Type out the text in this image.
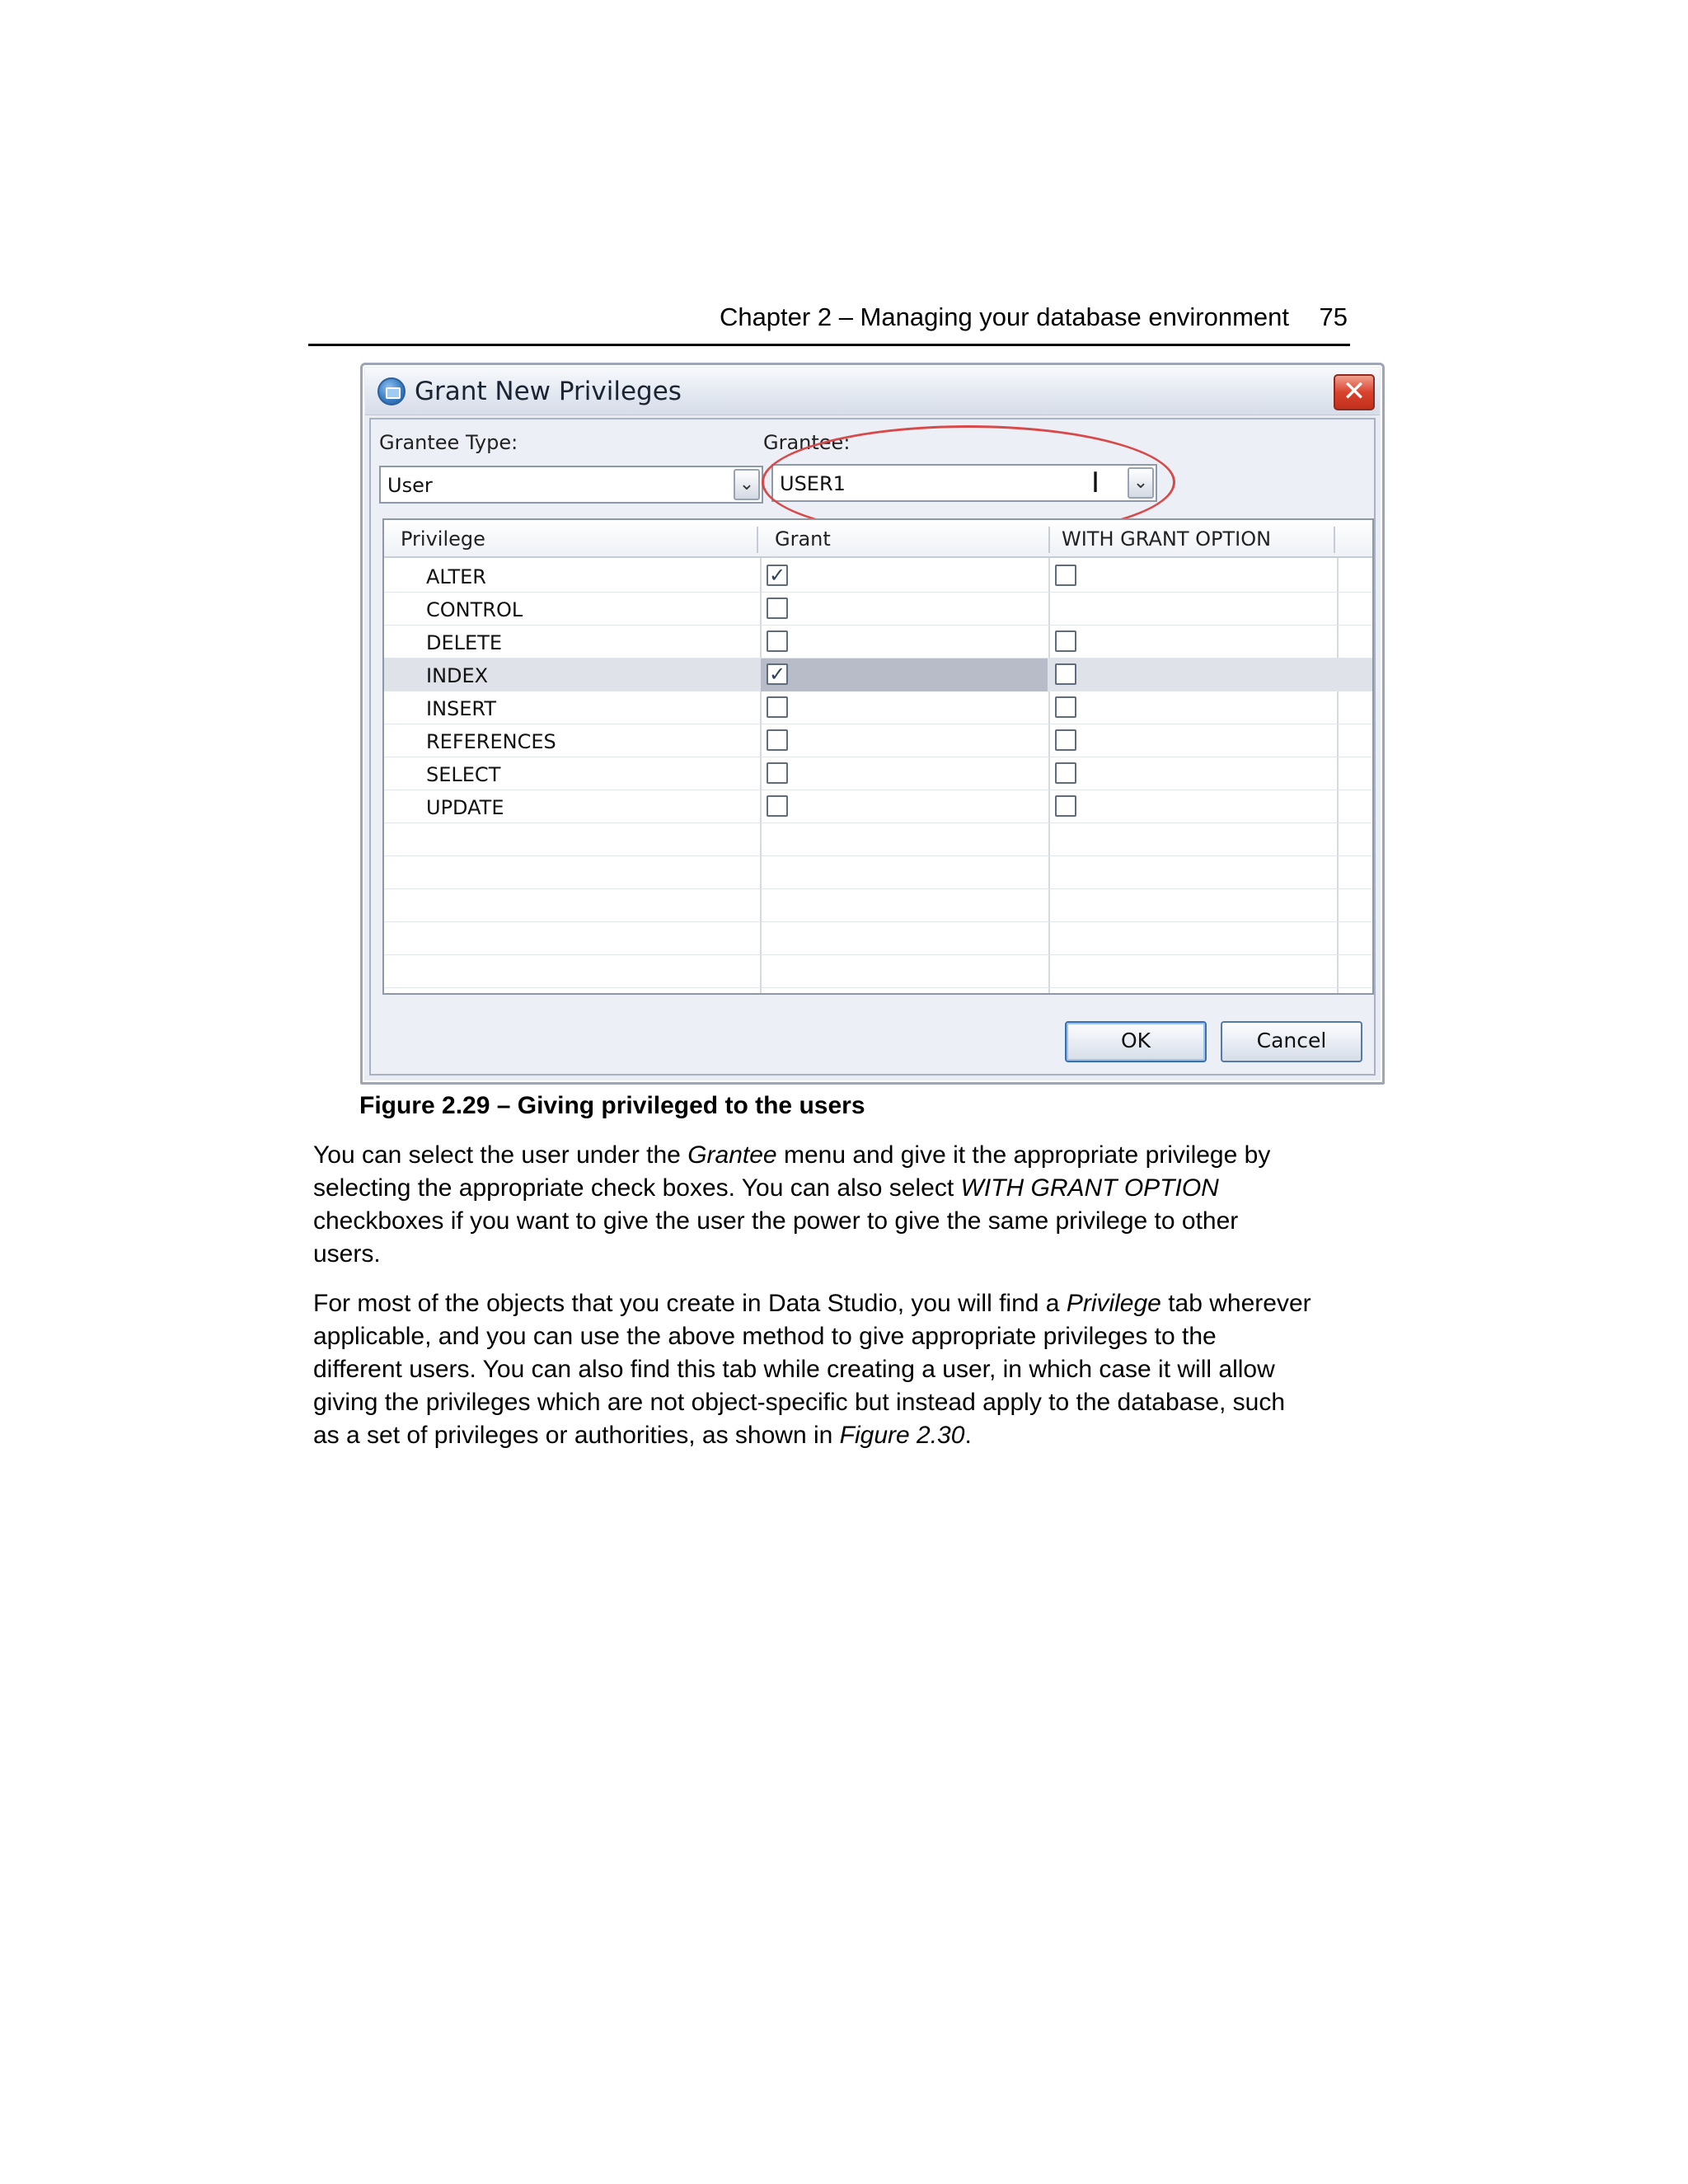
Chapter 2 – Managing your database environment 75
Grant New Privileges	✕
Grantee Type:	Grantee:
User	⌄ USER1	I	⌄
Privilege	Grant	WITH GRANT OPTION
ALTER	✓
CONTROL
DELETE
INDEX	✓
INSERT
REFERENCES
SELECT
UPDATE
OK	Cancel
Figure 2.29 – Giving privileged to the users
You can select the user under the Grantee menu and give it the appropriate privilege by
selecting the appropriate check boxes. You can also select WITH GRANT OPTION
checkboxes if you want to give the user the power to give the same privilege to other
users.
For most of the objects that you create in Data Studio, you will find a Privilege tab wherever
applicable, and you can use the above method to give appropriate privileges to the
different users. You can also find this tab while creating a user, in which case it will allow
giving the privileges which are not object-specific but instead apply to the database, such
as a set of privileges or authorities, as shown in Figure 2.30.
